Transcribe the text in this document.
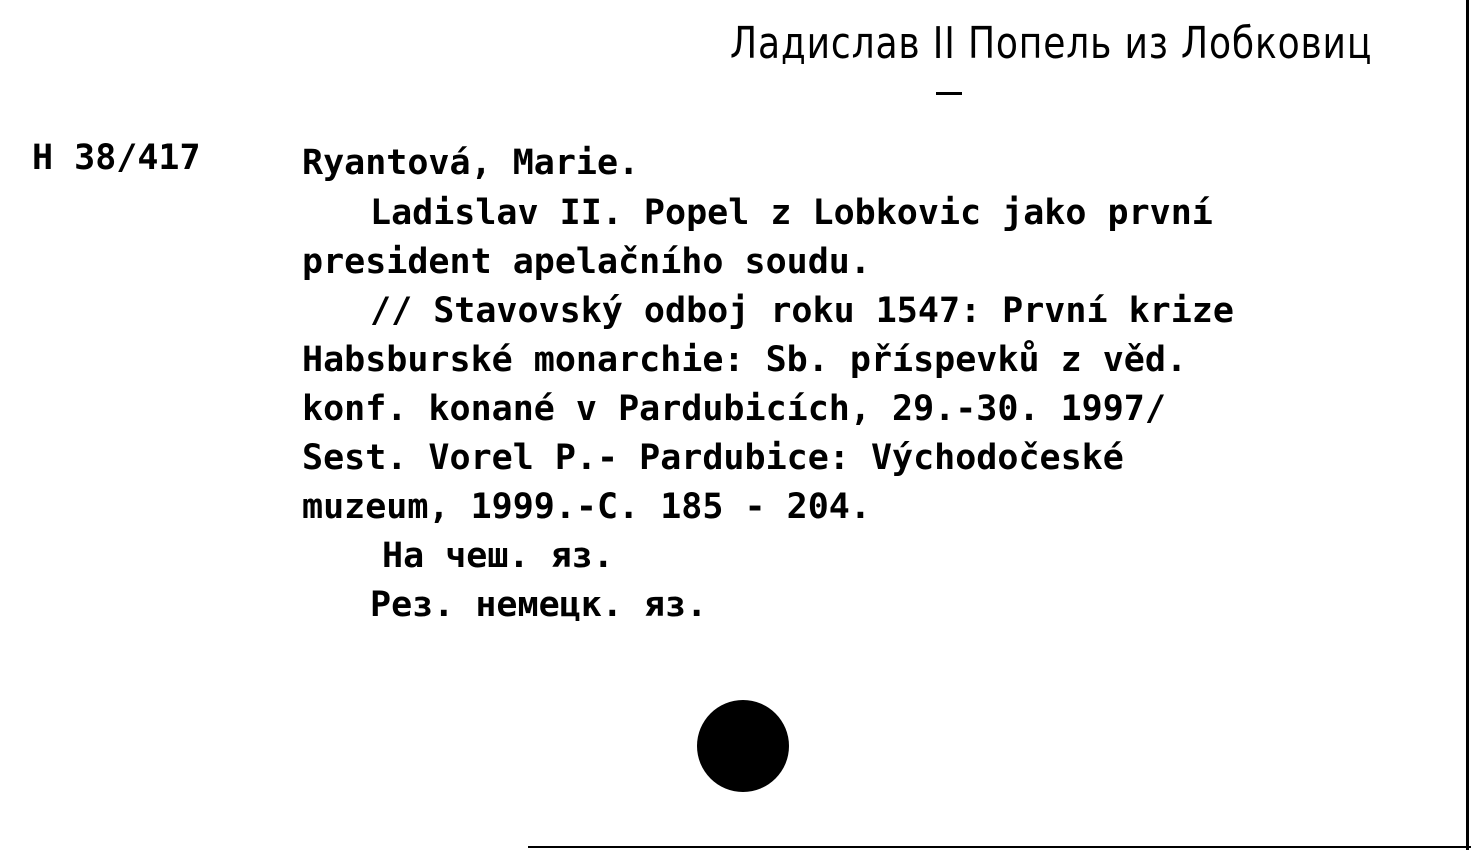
Ладислав II Попель из Лобковиц
H 38/417	Ryantová, Marie.
Ladislav II. Popel z Lobkovic jako první
president apelačního soudu.
// Stavovský odboj roku 1547: První krize
Habsburské monarchie: Sb. příspevků z věd.
konf. konané v Pardubicích, 29.-30. 1997/
Sest. Vorel P.- Pardubice: Východočeské
muzeum, 1999.-C. 185 - 204.
На чеш. яз.
Рез. немецк. яз.
